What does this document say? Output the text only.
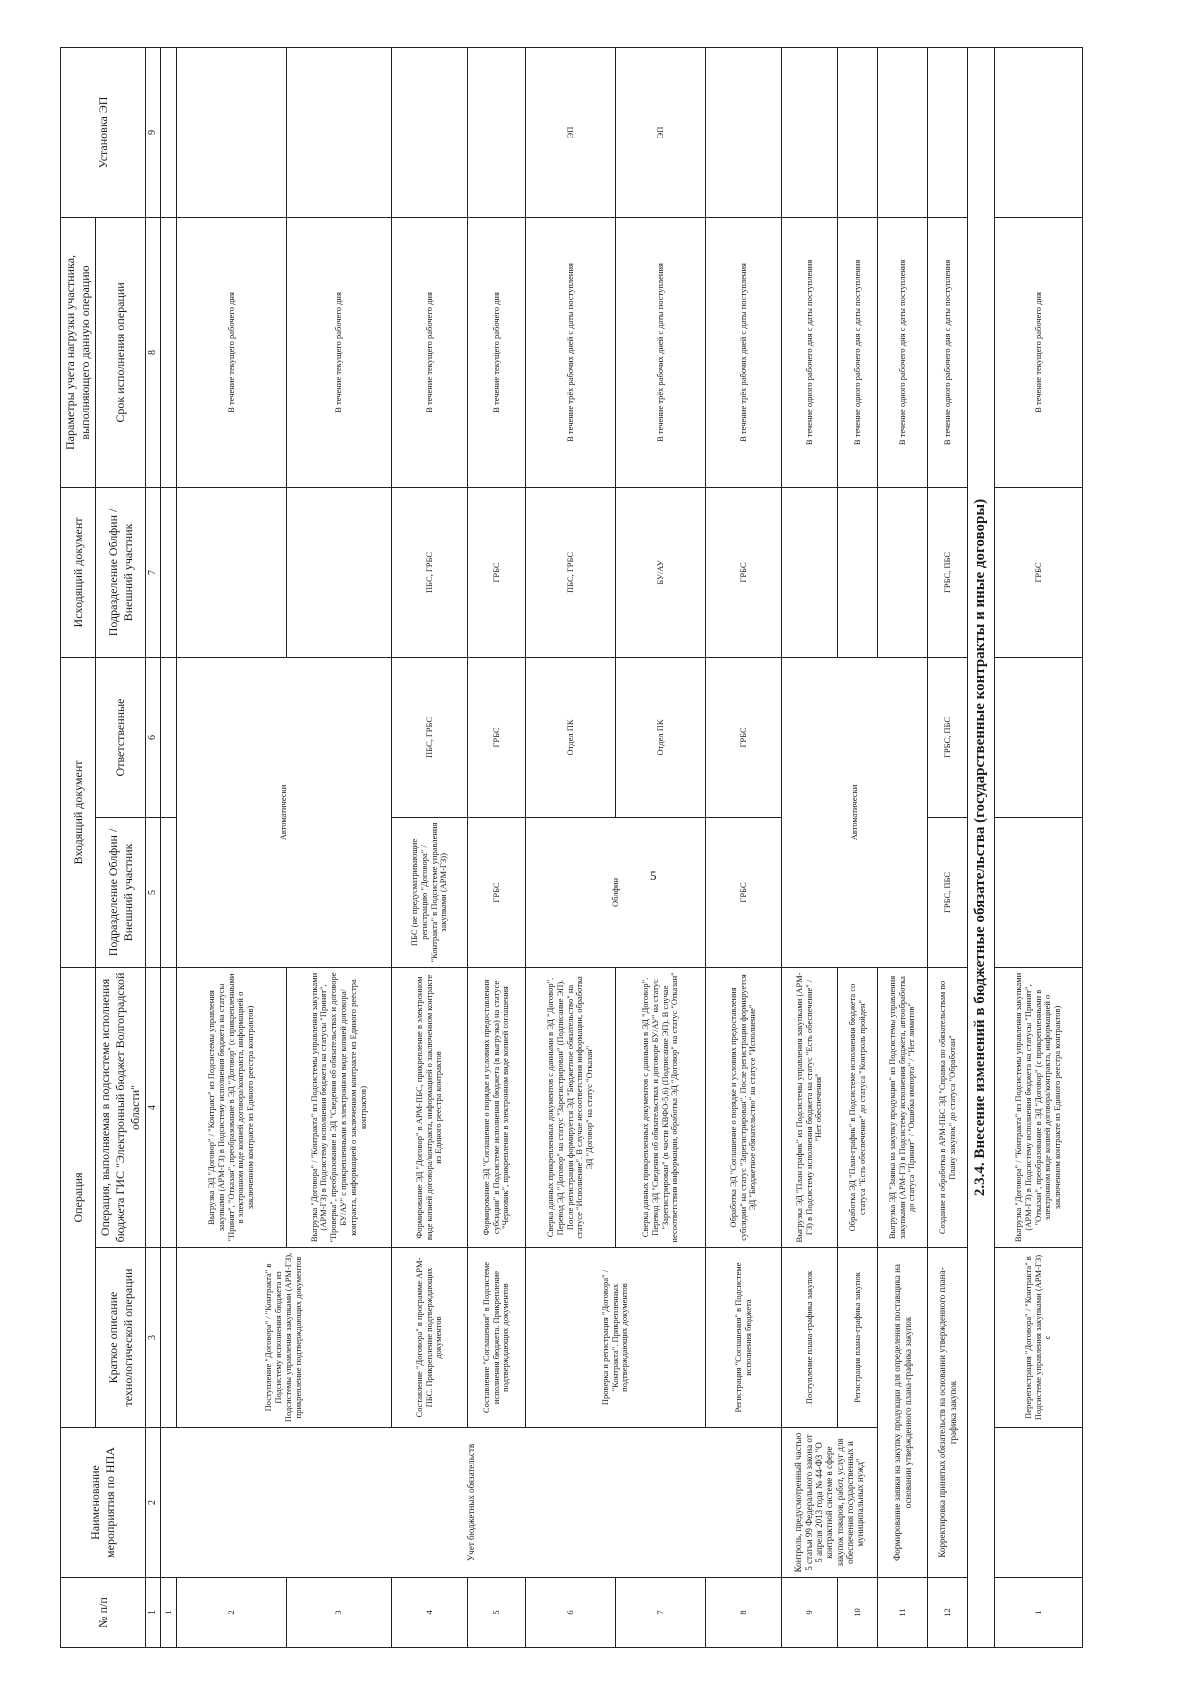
5
№ п/п	Наименование мероприятия по НПА	Операция		Входящий документ		Исходящий документ	Параметры учета нагрузки участника, выполняющего данную операцию	Установка ЭП
		Краткое описание технологической операции	Операция, выполняемая в подсистеме исполнения бюджета ГИС "Электронный бюджет Волгоградской области"	Подразделение Облфин / Внешний участник	Ответственные	Подразделение Облфин / Внешний участник	Срок исполнения операции	
1	2	3	4	5	6	7	8	9
1	Учет бюджетных обязательств							
2		Поступление "Договора" / "Контракта" в Подсистему исполнения бюджета из Подсистемы управления закупками (АРМ-ГЗ), прикрепление подтверждающих документов	Выгрузка ЭД "Договор" / "Контракт" из Подсистемы управления закупками (АРМ-ГЗ) в Подсистему исполнения бюджета на статусы "Принят", "Отказан", преобразование в ЭД "Договор" (с прикрепленными в электронном виде копией договора/контракта, информацией о заключенном контракте из Единого реестра контрактов)	Автоматически			В течение текущего рабочего дня	
3			Выгрузка "Договора" / "Контракта" из Подсистемы управления закупками (АРМ-ГЗ) в Подсистему исполнения бюджета на статусы "Принят", "Проверка", преобразование в ЭД "Сведения об обязательствах и договоре БУ/АУ" с прикрепленными в электронном виде копией договора/контракта, информацией о заключенном контракте из Единого реестра контрактов)				В течение текущего рабочего дня	
4		Составление "Договора" в программе АРМ-ПБС. Прикрепление подтверждающих документов	Формирование ЭД "Договор" в АРМ-ПБС, прикрепление в электронном виде копией договора/контракта, информацией о заключенном контракте из Единого реестра контрактов	ПБС (не предусматривающие регистрацию "Договора" / "Контракта" в Подсистеме управления закупками (АРМ-ГЗ))	ПБС, ГРБС	ПБС, ГРБС	В течение текущего рабочего дня	
5		Составление "Соглашения" в Подсистеме исполнения бюджета. Прикрепление подтверждающих документов	Формирование ЭД "Соглашение о порядке и условиях предоставления субсидии" в Подсистеме исполнения бюджета (в выгрузка) на статусе "Черновик", прикрепление в электронном виде копией соглашения	ГРБС	ГРБС	ГРБС	В течение текущего рабочего дня	
6		Проверка и регистрация "Договора" / "Контракта". Прикрепленных подтверждающих документов	Сверка данных прикрепленных документов с данными в ЭД "Договор". Перевод ЭД "Договор" на статус "Зарегистрирован" (Подписание ЭП). После регистрации формируется ЭД "Бюджетное обязательство" на статусе "Исполнение". В случае несоответствия информации, обработка ЭД "Договор" на статус "Отказан"	Облфин	Отдел ПК	ПБС, ГРБС	В течение трёх рабочих дней с даты поступления	ЭП
7			Сверка данных прикрепленных документов с данными в ЭД "Договор". Перевод ЭД "Сведения об обязательствах и договоре БУ/АУ" на статус "Зарегистрирован" (в части КВФО-5,6) (Подписание ЭП). В случае несоответствия информации, обработка ЭД "Договор" на статус "Отказан"		Отдел ПК	БУ/АУ	В течение трёх рабочих дней с даты поступления	ЭП
8		Регистрация "Соглашения" в Подсистеме исполнения бюджета	Обработка ЭД "Соглашение о порядке и условиях предоставления субсидии" на статус "Зарегистрирован". После регистрации формируется ЭД "Бюджетное обязательство" на статусе "Исполнение"	ГРБС	ГРБС	ГРБС	В течение трёх рабочих дней с даты поступления	
9	Контроль, предусмотренный частью 5 статьи 99 Федерального закона от 5 апреля 2013 года № 44-ФЗ "О контрактной системе в сфере закупок товаров, работ, услуг для обеспечения государственных и муниципальных нужд"	Поступление плана-графика закупок	Выгрузка ЭД "План график" из Подсистемы управления закупками (АРМ-ГЗ) в Подсистему исполнения бюджета на статус "Есть обеспечение" / "Нет обеспечения"	Автоматически			В течение одного рабочего дня с даты поступления	
10		Регистрация плана-графика закупок	Обработка ЭД "План-график" в Подсистеме исполнения бюджета со статуса "Есть обеспечение" до статуса "Контроль пройден"				В течение одного рабочего дня с даты поступления	
11	Формирование заявки на закупку продукции для определения поставщика на основании утвержденного плана-графика закупок		Выгрузка ЭД "Заявка на закупку продукции" из Подсистемы управления закупками (АРМ-ГЗ) в Подсистему исполнения бюджета, автообработка до статуса "Принят" / "Ошибка импорта" / "Нет лимитов"				В течение одного рабочего дня с даты поступления	
12	Корректировка принятых обязательств на основании утвержденного плана-графика закупок		Создание и обработка в АРМ-ПБС ЭД "Справка по обязательствам по Плану закупок" до статуса "Обработан"	ГРБС, ПБС	ГРБС, ПБС	ГРБС, ПБС	В течение одного рабочего дня с даты поступления	
2.3.4. Внесение изменений в бюджетные обязательства (государственные контракты и иные договоры)								
1		Перерегистрация "Договора" / "Контракта" в Подсистеме управления закупками (АРМ-ГЗ) с	Выгрузка "Договора" / "Контракта" из Подсистемы управления закупками (АРМ-ГЗ) в Подсистему исполнения бюджета на статусы "Принят", "Отказан", преобразование в ЭД "Договор" (с прикрепленными в электронном виде копией договора/контракта, информацией о заключенном контракте из Единого реестра контрактов)			ГРБС	В течение текущего рабочего дня	
